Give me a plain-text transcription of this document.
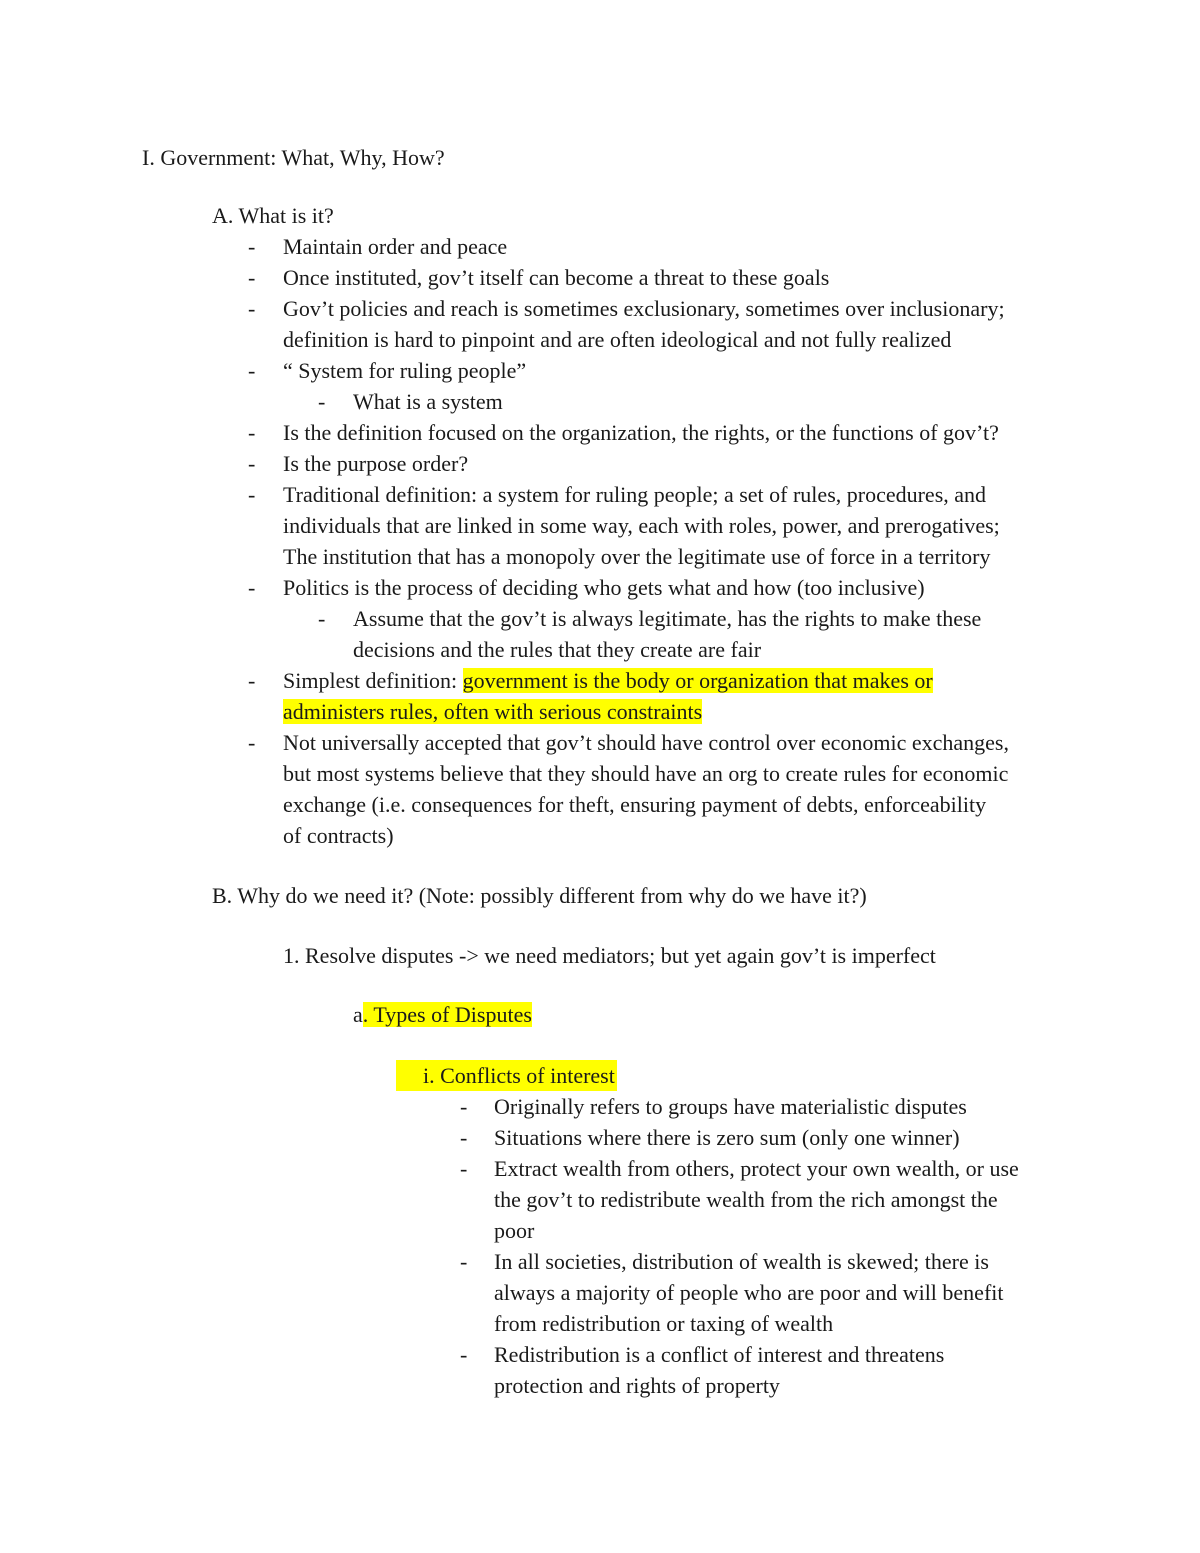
I. Government: What, Why, How?
A. What is it?
- Maintain order and peace
- Once instituted, gov’t itself can become a threat to these goals
- Gov’t policies and reach is sometimes exclusionary, sometimes over inclusionary;
definition is hard to pinpoint and are often ideological and not fully realized
- “ System for ruling people”
- What is a system
- Is the definition focused on the organization, the rights, or the functions of gov’t?
- Is the purpose order?
- Traditional definition: a system for ruling people; a set of rules, procedures, and
individuals that are linked in some way, each with roles, power, and prerogatives;
The institution that has a monopoly over the legitimate use of force in a territory
- Politics is the process of deciding who gets what and how (too inclusive)
- Assume that the gov’t is always legitimate, has the rights to make these
decisions and the rules that they create are fair
- Simplest definition: government is the body or organization that makes or
administers rules, often with serious constraints
- Not universally accepted that gov’t should have control over economic exchanges,
but most systems believe that they should have an org to create rules for economic
exchange (i.e. consequences for theft, ensuring payment of debts, enforceability
of contracts)
B. Why do we need it? (Note: possibly different from why do we have it?)
1. Resolve disputes -> we need mediators; but yet again gov’t is imperfect
a. Types of Disputes
i. Conflicts of interest
- Originally refers to groups have materialistic disputes
- Situations where there is zero sum (only one winner)
- Extract wealth from others, protect your own wealth, or use
the gov’t to redistribute wealth from the rich amongst the
poor
- In all societies, distribution of wealth is skewed; there is
always a majority of people who are poor and will benefit
from redistribution or taxing of wealth
- Redistribution is a conflict of interest and threatens
protection and rights of property
